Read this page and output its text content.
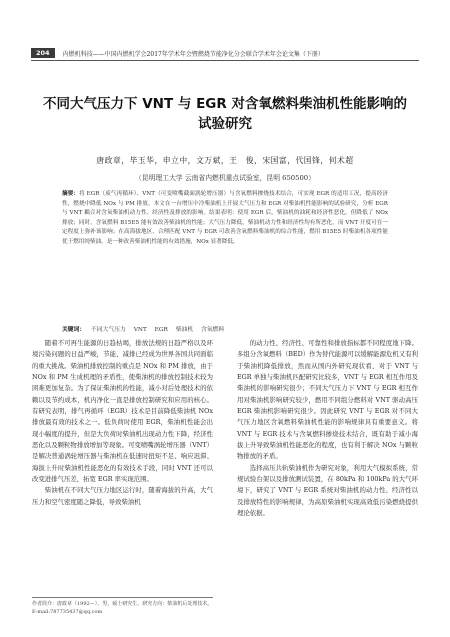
204	内燃机科技——中国内燃机学会2017年学术年会暨燃烧节能净化分会联合学术年会论文集（下册）
不同大气压力下 VNT 与 EGR 对含氧燃料柴油机性能影响的
试验研究
唐政章，毕玉华，申立中，文万斌，王　俊，宋国富，代国锋，何术超
（昆明理工大学 云南省内燃机重点试验室，昆明 650500）
摘要：将 EGR（废气再循环）、VNT（可变喷嘴截面涡轮增压器）与含氧燃料掺烧技术结合，可实现 EGR 的适用工况，提高经济性，燃烧中降低 NOx 与 PM 排放。本文在一台增压中冷柴油机上开展大气压力和 EGR 对柴油机性能影响的试验研究，分析 EGR 与 VNT 耦合对含氧柴油机动力性、经济性及排放的影响。结果表明：使用 EGR 后，柴油机的油耗和经济性恶化，但降低了 NOx 排放；同时，含氧燃料 B15E5 能有效改善柴油机的性能；大气压力降低，柴油机动力性和经济性均有所恶化，而 VNT 开度可在一定程度上弥补该影响；在高海拔地区，合理匹配 VNT 与 EGR 可改善含氧燃料柴油机的综合性能，燃用 B15E5 时柴油机各项性能优于燃用纯柴油，是一种改善柴油机性能的有效措施，NOx 显著降低。
关键词： 不同大气压力 VNT EGR 柴油机 含氧燃料

随着不可再生能源的日趋枯竭，排放法规的日趋严格以及环境污染问题的日益严峻，节能、减排已经成为世界各国共同面临的重大挑战。柴油机排放控制的重点是 NOx 和 PM 排放，由于 NOx 和 PM 生成机理的矛盾性，使柴油机的排放控制技术较为困难更加复杂。为了保证柴油机的性能，减小对后处理技术的依赖以及节约成本，机内净化一直是排放控制研究和应用的核心。有研究表明，排气再循环（EGR）技术是目前降低柴油机 NOx 排放最有效的技术之一。低负荷时使用 EGR，柴油机性能会出现小幅度的提升，但是大负荷时柴油机出现动力性下降，经济性恶化以及颗粒物排放增加等现象。可变喷嘴涡轮增压器（VNT）是解决普通涡轮增压器与柴油机在低速时扭矩不足、响应迟滞、海拔上升时柴油机性能恶化的有效技术手段，同时 VNT 还可以改变进排气压差，拓宽 EGR 率实现范围。

柴油机在不同大气压力地区运行时，随着海拔的升高，大气压力和空气密度随之降低，导致柴油机

的动力性、经济性、可靠性和排放指标都不同程度地下降。多组分含氧燃料（BED）作为替代能源可以缓解能源危机又有利于柴油机降低排放，然而从国内外研究现状看，对于 VNT 与 EGR 单独与柴油机匹配研究比较多，VNT 与 EGR 相互作用及柴油机的影响研究很少；不同大气压力下 VNT 与 EGR 相互作用对柴油机影响研究较少，燃用不同组分燃料对 VNT 驱动高压 EGR 柴油机影响研究很少。因此研究 VNT 与 EGR 对不同大气压力地区含氧燃料柴油机性能的影响规律具有重要意义。将 VNT 与 EGR 技术与含氧燃料掺烧技术结合，既有助于减小海拔上升导致柴油机性能恶化的程度，也有利于解决 NOx 与颗粒物排放的矛盾。

选择高压共轨柴油机作为研究对象，利用大气模拟系统，常规试验台架以及排放测试装置，在 80kPa 和 100kPa 的大气环境下，研究了 VNT 与 EGR 系统对柴油机的动力性、经济性以及排放特性的影响规律，为高原柴油机实现高效低污染燃烧提供理论依据。

作者简介：唐政章（1992—），男，硕士研究生，研究方向：柴油机后处理技术。
E-mail:787735437@qq.com
